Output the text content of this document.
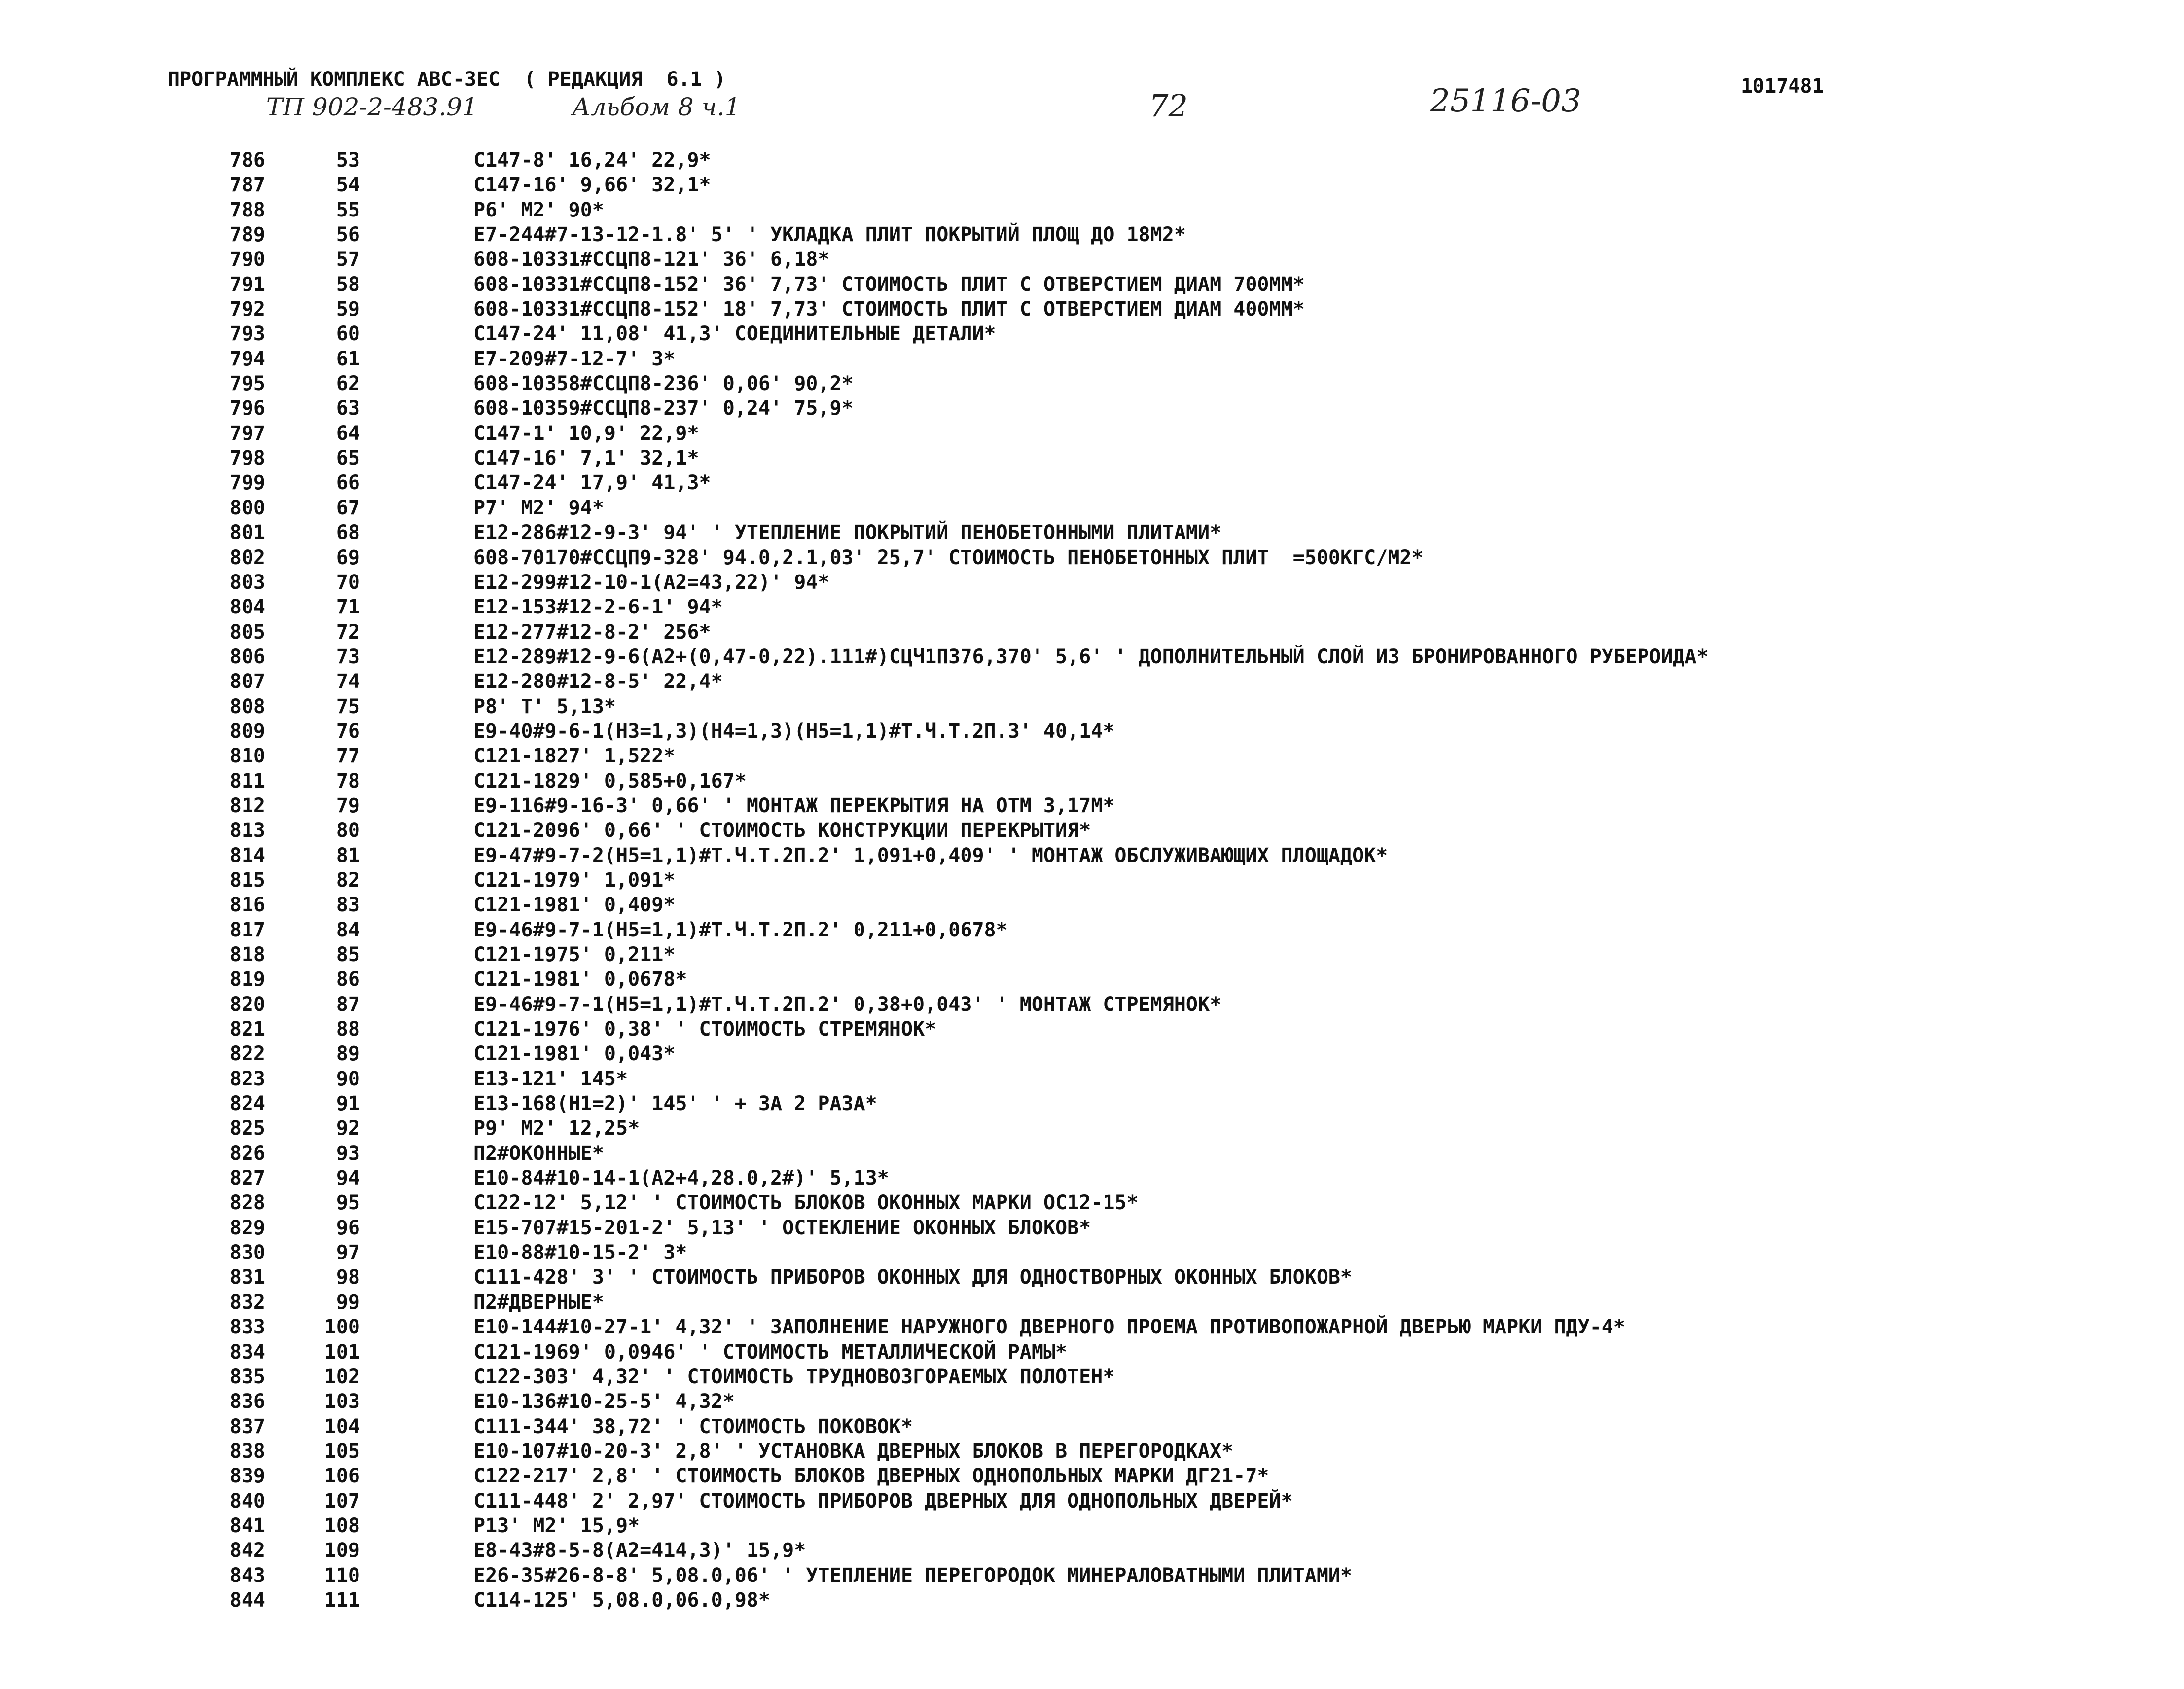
ПРОГРАММНЫЙ КОМПЛЕКС АВС-3ЕС  ( РЕДАКЦИЯ  6.1 )	1017481
ТП 902-2-483.91	Альбом 8 ч.1	72	25116-03
786	53	С147-8' 16,24' 22,9*
787	54	С147-16' 9,66' 32,1*
788	55	Р6' М2' 90*
789	56	Е7-244#7-13-12-1.8' 5' ' УКЛАДКА ПЛИТ ПОКРЫТИЙ ПЛОЩ ДО 18М2*
790	57	608-10331#ССЦП8-121' 36' 6,18*
791	58	608-10331#ССЦП8-152' 36' 7,73' СТОИМОСТЬ ПЛИТ С ОТВЕРСТИЕМ ДИАМ 700ММ*
792	59	608-10331#ССЦП8-152' 18' 7,73' СТОИМОСТЬ ПЛИТ С ОТВЕРСТИЕМ ДИАМ 400ММ*
793	60	С147-24' 11,08' 41,3' СОЕДИНИТЕЛЬНЫЕ ДЕТАЛИ*
794	61	Е7-209#7-12-7' 3*
795	62	608-10358#ССЦП8-236' 0,06' 90,2*
796	63	608-10359#ССЦП8-237' 0,24' 75,9*
797	64	С147-1' 10,9' 22,9*
798	65	С147-16' 7,1' 32,1*
799	66	С147-24' 17,9' 41,3*
800	67	Р7' М2' 94*
801	68	Е12-286#12-9-3' 94' ' УТЕПЛЕНИЕ ПОКРЫТИЙ ПЕНОБЕТОННЫМИ ПЛИТАМИ*
802	69	608-70170#ССЦП9-328' 94.0,2.1,03' 25,7' СТОИМОСТЬ ПЕНОБЕТОННЫХ ПЛИТ  =500КГС/М2*
803	70	Е12-299#12-10-1(А2=43,22)' 94*
804	71	Е12-153#12-2-6-1' 94*
805	72	Е12-277#12-8-2' 256*
806	73	Е12-289#12-9-6(А2+(0,47-0,22).111#)СЦЧ1П376,370' 5,6' ' ДОПОЛНИТЕЛЬНЫЙ СЛОЙ ИЗ БРОНИРОВАННОГО РУБЕРОИДА*
807	74	Е12-280#12-8-5' 22,4*
808	75	Р8' Т' 5,13*
809	76	Е9-40#9-6-1(Н3=1,3)(Н4=1,3)(Н5=1,1)#Т.Ч.Т.2П.3' 40,14*
810	77	С121-1827' 1,522*
811	78	С121-1829' 0,585+0,167*
812	79	Е9-116#9-16-3' 0,66' ' МОНТАЖ ПЕРЕКРЫТИЯ НА ОТМ 3,17М*
813	80	С121-2096' 0,66' ' СТОИМОСТЬ КОНСТРУКЦИИ ПЕРЕКРЫТИЯ*
814	81	Е9-47#9-7-2(Н5=1,1)#Т.Ч.Т.2П.2' 1,091+0,409' ' МОНТАЖ ОБСЛУЖИВАЮЩИХ ПЛОЩАДОК*
815	82	С121-1979' 1,091*
816	83	С121-1981' 0,409*
817	84	Е9-46#9-7-1(Н5=1,1)#Т.Ч.Т.2П.2' 0,211+0,0678*
818	85	С121-1975' 0,211*
819	86	С121-1981' 0,0678*
820	87	Е9-46#9-7-1(Н5=1,1)#Т.Ч.Т.2П.2' 0,38+0,043' ' МОНТАЖ СТРЕМЯНОК*
821	88	С121-1976' 0,38' ' СТОИМОСТЬ СТРЕМЯНОК*
822	89	С121-1981' 0,043*
823	90	Е13-121' 145*
824	91	Е13-168(Н1=2)' 145' ' + ЗА 2 РАЗА*
825	92	Р9' М2' 12,25*
826	93	П2#ОКОННЫЕ*
827	94	Е10-84#10-14-1(А2+4,28.0,2#)' 5,13*
828	95	С122-12' 5,12' ' СТОИМОСТЬ БЛОКОВ ОКОННЫХ МАРКИ ОС12-15*
829	96	Е15-707#15-201-2' 5,13' ' ОСТЕКЛЕНИЕ ОКОННЫХ БЛОКОВ*
830	97	Е10-88#10-15-2' 3*
831	98	С111-428' 3' ' СТОИМОСТЬ ПРИБОРОВ ОКОННЫХ ДЛЯ ОДНОСТВОРНЫХ ОКОННЫХ БЛОКОВ*
832	99	П2#ДВЕРНЫЕ*
833	100	Е10-144#10-27-1' 4,32' ' ЗАПОЛНЕНИЕ НАРУЖНОГО ДВЕРНОГО ПРОЕМА ПРОТИВОПОЖАРНОЙ ДВЕРЬЮ МАРКИ ПДУ-4*
834	101	С121-1969' 0,0946' ' СТОИМОСТЬ МЕТАЛЛИЧЕСКОЙ РАМЫ*
835	102	С122-303' 4,32' ' СТОИМОСТЬ ТРУДНОВОЗГОРАЕМЫХ ПОЛОТЕН*
836	103	Е10-136#10-25-5' 4,32*
837	104	С111-344' 38,72' ' СТОИМОСТЬ ПОКОВОК*
838	105	Е10-107#10-20-3' 2,8' ' УСТАНОВКА ДВЕРНЫХ БЛОКОВ В ПЕРЕГОРОДКАХ*
839	106	С122-217' 2,8' ' СТОИМОСТЬ БЛОКОВ ДВЕРНЫХ ОДНОПОЛЬНЫХ МАРКИ ДГ21-7*
840	107	С111-448' 2' 2,97' СТОИМОСТЬ ПРИБОРОВ ДВЕРНЫХ ДЛЯ ОДНОПОЛЬНЫХ ДВЕРЕЙ*
841	108	Р13' М2' 15,9*
842	109	Е8-43#8-5-8(А2=414,3)' 15,9*
843	110	Е26-35#26-8-8' 5,08.0,06' ' УТЕПЛЕНИЕ ПЕРЕГОРОДОК МИНЕРАЛОВАТНЫМИ ПЛИТАМИ*
844	111	С114-125' 5,08.0,06.0,98*
